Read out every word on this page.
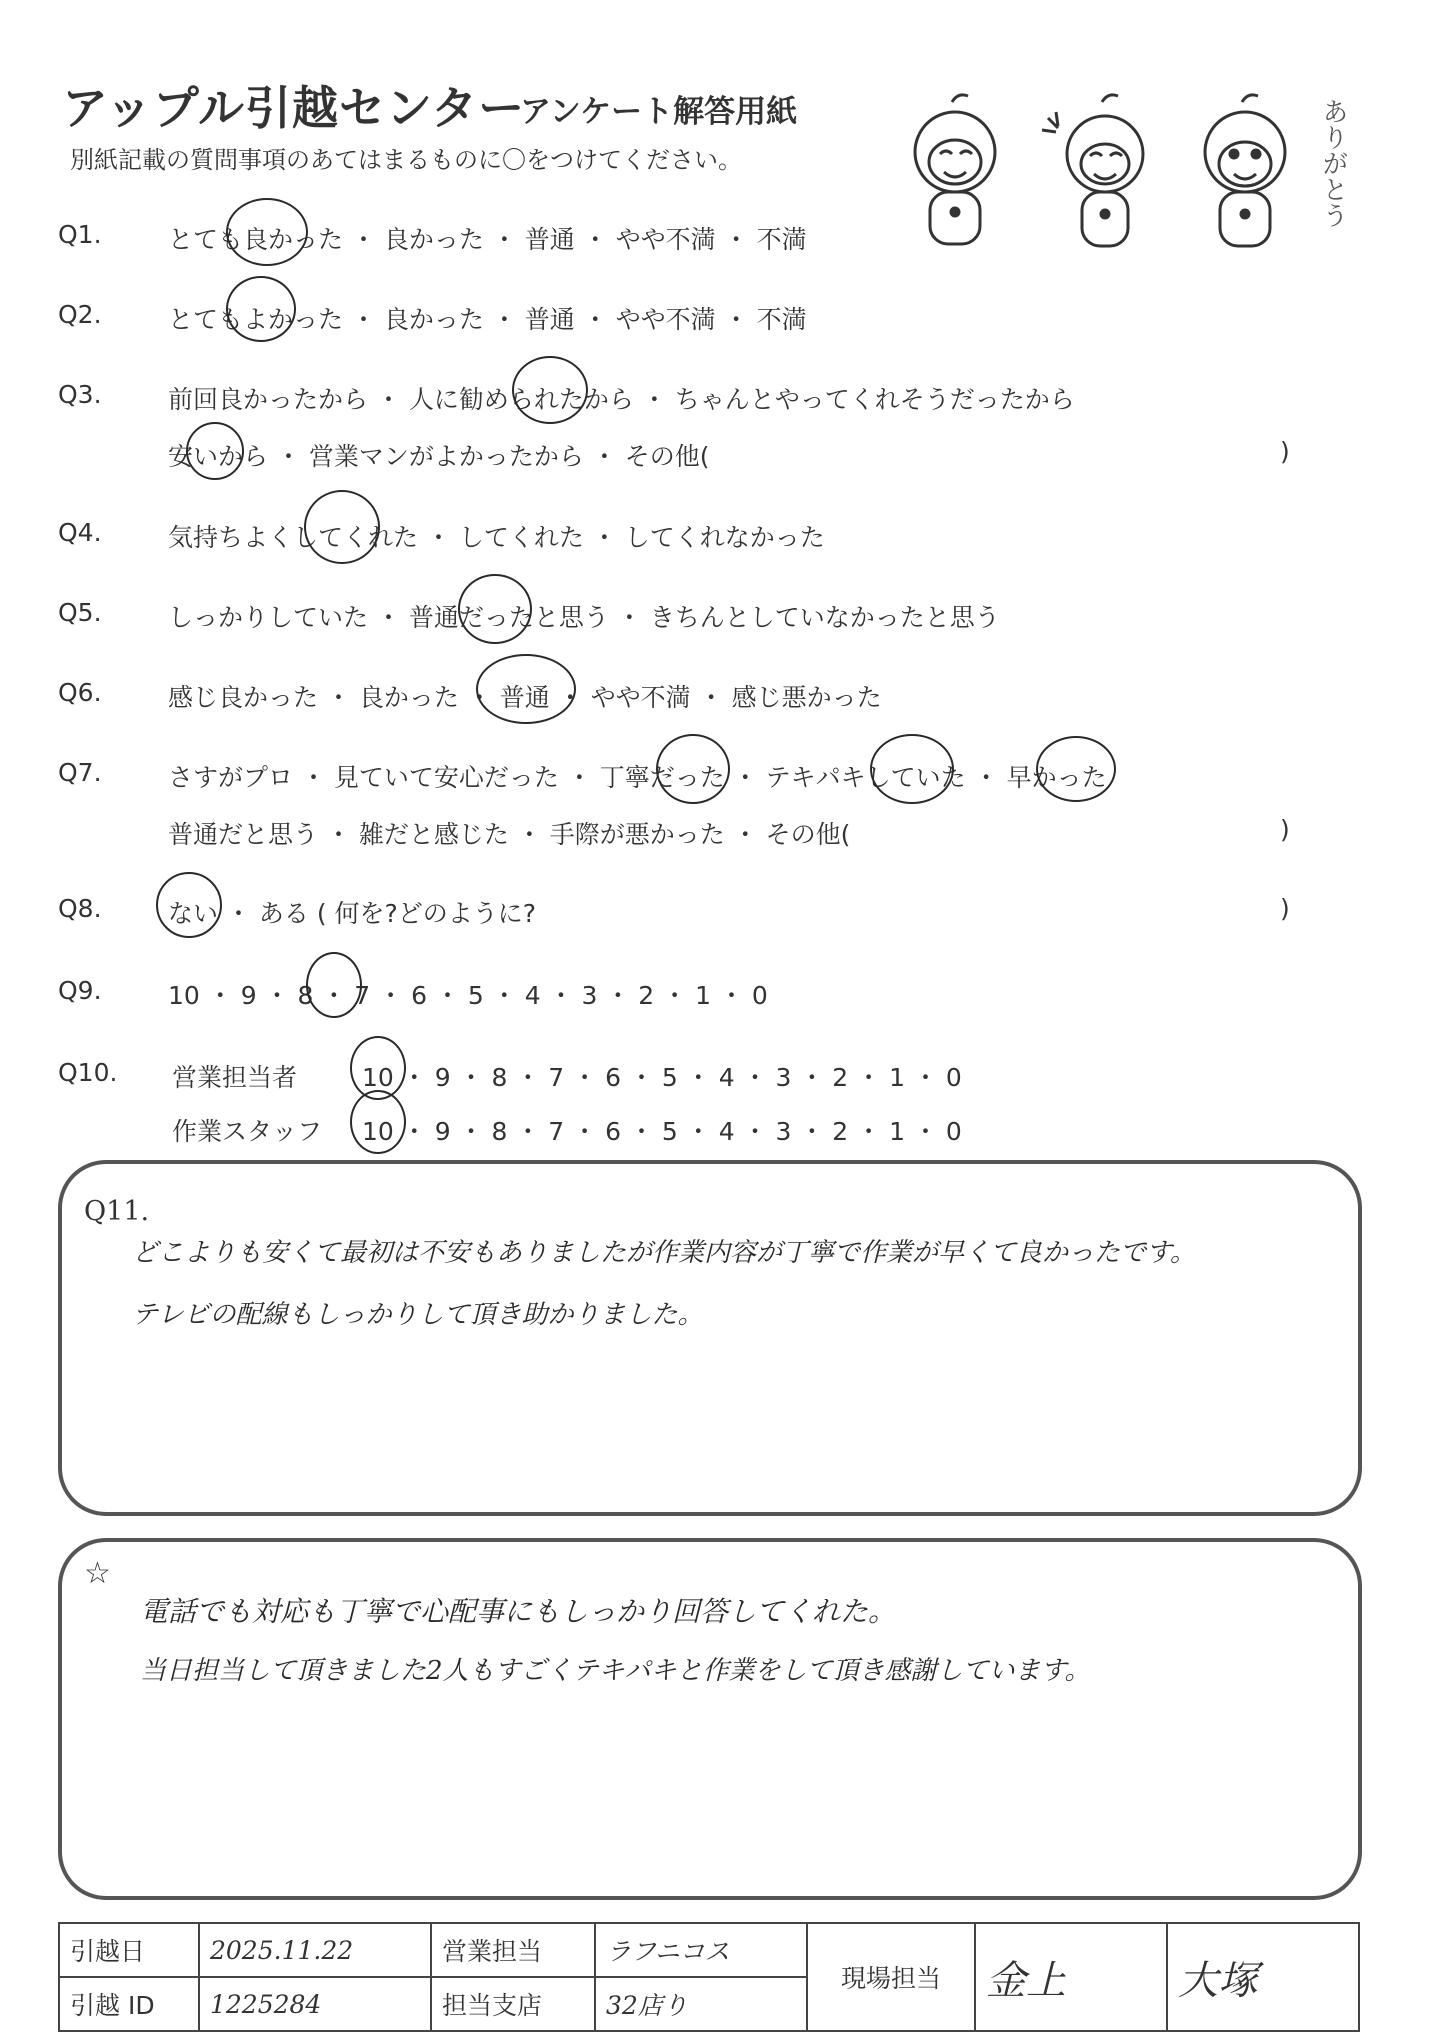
アップル引越センター
アンケート解答用紙
別紙記載の質問事項のあてはまるものに〇をつけてください。	ありがとう
Q1.	とても良かった ・ 良かった ・ 普通 ・ やや不満 ・ 不満
Q2.	とてもよかった ・ 良かった ・ 普通 ・ やや不満 ・ 不満
Q3.	前回良かったから ・ 人に勧められたから ・ ちゃんとやってくれそうだったから
安いから ・ 営業マンがよかったから ・ その他(	)
Q4.	気持ちよくしてくれた ・ してくれた ・ してくれなかった
Q5.	しっかりしていた ・ 普通だったと思う ・ きちんとしていなかったと思う
Q6.	感じ良かった ・ 良かった ・ 普通 ・ やや不満 ・ 感じ悪かった
Q7.	さすがプロ ・ 見ていて安心だった ・ 丁寧だった ・ テキパキしていた ・ 早かった
普通だと思う ・ 雑だと感じた ・ 手際が悪かった ・ その他(	)
Q8.	ない ・ ある ( 何を?どのように?	)
Q9.	10 ・ 9 ・ 8 ・ 7 ・ 6 ・ 5 ・ 4 ・ 3 ・ 2 ・ 1 ・ 0
Q10. 営業担当者	10 ・ 9 ・ 8 ・ 7 ・ 6 ・ 5 ・ 4 ・ 3 ・ 2 ・ 1 ・ 0
作業スタッフ 10 ・ 9 ・ 8 ・ 7 ・ 6 ・ 5 ・ 4 ・ 3 ・ 2 ・ 1 ・ 0
Q11.
どこよりも安くて最初は不安もありましたが作業内容が丁寧で作業が早くて良かったです。
テレビの配線もしっかりして頂き助かりました。
☆
電話でも対応も丁寧で心配事にもしっかり回答してくれた。
当日担当して頂きました2人もすごくテキパキと作業をして頂き感謝しています。
引越日	2025.11.22	営業担当	ラフニコス	現場担当	金上	大塚
引越 ID	1225284	担当支店	32店り			
